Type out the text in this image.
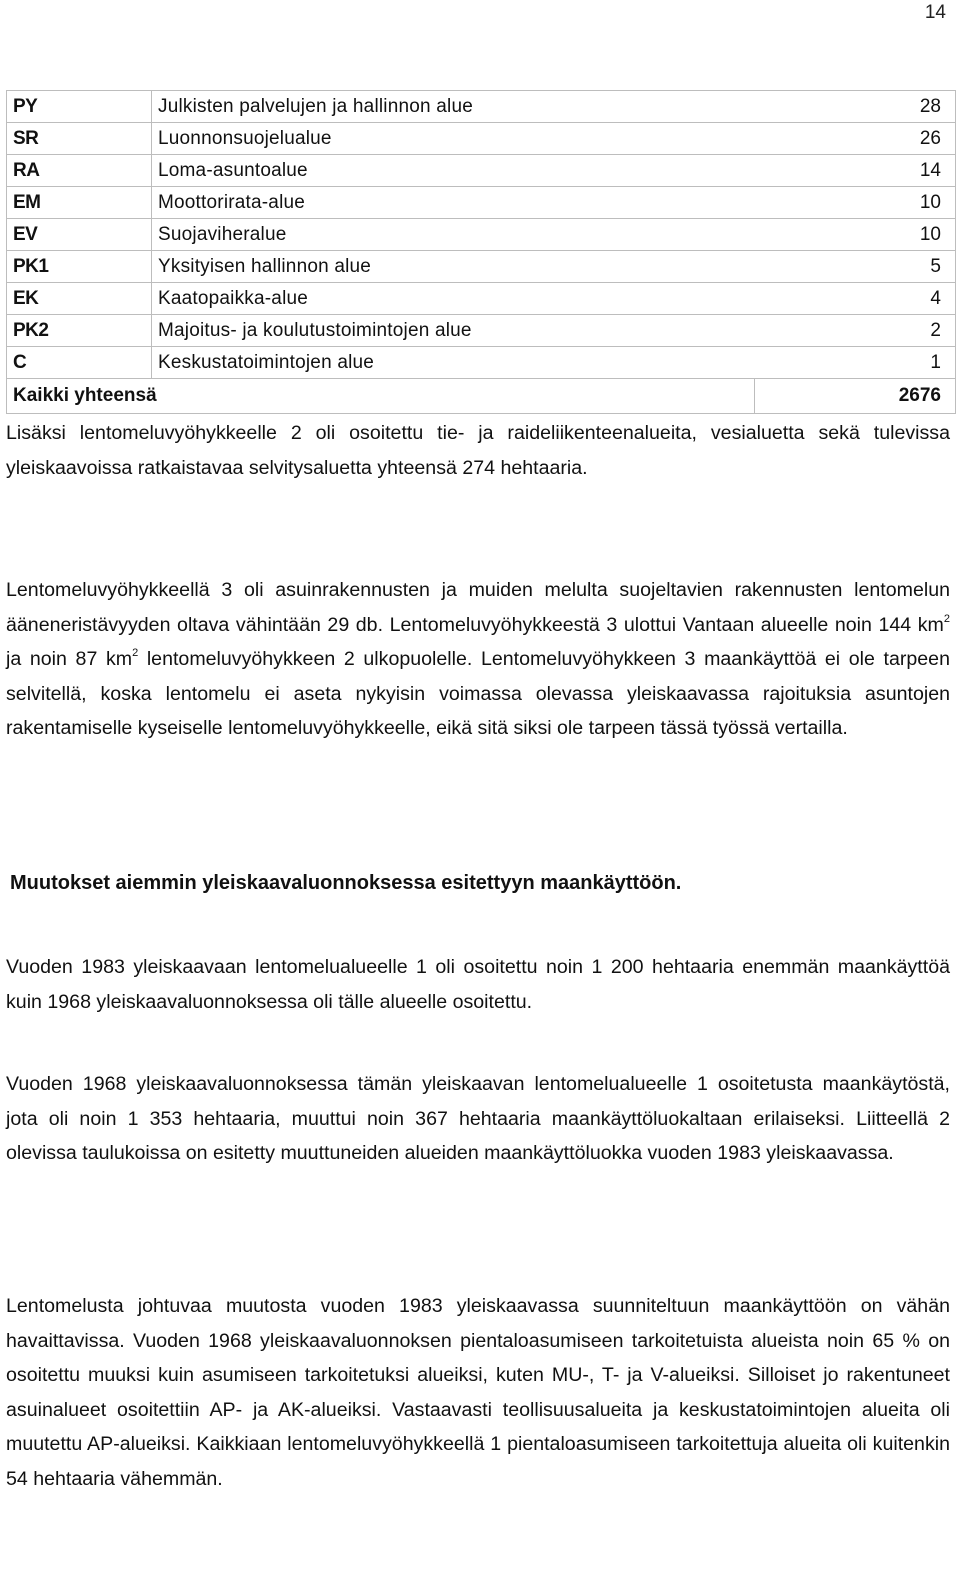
14
PY	Julkisten palvelujen ja hallinnon alue	28
SR	Luonnonsuojelualue	26
RA	Loma-asuntoalue	14
EM	Moottorirata-alue	10
EV	Suojaviheralue	10
PK1	Yksityisen hallinnon alue	5
EK	Kaatopaikka-alue	4
PK2	Majoitus- ja koulutustoimintojen alue	2
C	Keskustatoimintojen alue	1
Kaikki yhteensä		2676

Lisäksi lentomeluvyöhykkeelle 2 oli osoitettu tie- ja raideliikenteenalueita, vesialuetta sekä tulevissa yleiskaavoissa ratkaistavaa selvitysaluetta yhteensä 274 hehtaaria.

Lentomeluvyöhykkeellä 3 oli asuinrakennusten ja muiden melulta suojeltavien rakennusten lentomelun ääneneristävyyden oltava vähintään 29 db. Lentomeluvyöhykkeestä 3 ulottui Vantaan alueelle noin 144 $km^2$ ja noin 87 $km^2$ lentomeluvyöhykkeen 2 ulkopuolelle. Lentomeluvyöhykkeen 3 maankäyttöä ei ole tarpeen selvitellä, koska lentomelu ei aseta nykyisin voimassa olevassa yleiskaavassa rajoituksia asuntojen rakentamiselle kyseiselle lentomeluvyöhykkeelle, eikä sitä siksi ole tarpeen tässä työssä vertailla.

Muutokset aiemmin yleiskaavaluonnoksessa esitettyyn maankäyttöön.

Vuoden 1983 yleiskaavaan lentomelualueelle 1 oli osoitettu noin 1 200 hehtaaria enemmän maankäyttöä kuin 1968 yleiskaavaluonnoksessa oli tälle alueelle osoitettu.

Vuoden 1968 yleiskaavaluonnoksessa tämän yleiskaavan lentomelualueelle 1 osoitetusta maankäytöstä, jota oli noin 1 353 hehtaaria, muuttui noin 367 hehtaaria maankäyttöluokaltaan erilaiseksi. Liitteellä 2 olevissa taulukoissa on esitetty muuttuneiden alueiden maankäyttöluokka vuoden 1983 yleiskaavassa.

Lentomelusta johtuvaa muutosta vuoden 1983 yleiskaavassa suunniteltuun maankäyttöön on vähän havaittavissa. Vuoden 1968 yleiskaavaluonnoksen pientaloasumiseen tarkoitetuista alueista noin 65 % on osoitettu muuksi kuin asumiseen tarkoitetuksi alueiksi, kuten MU-, T- ja V-alueiksi. Silloiset jo rakentuneet asuinalueet osoitettiin AP- ja AK-alueiksi. Vastaavasti teollisuusalueita ja keskustatoimintojen alueita oli muutettu AP-alueiksi. Kaikkiaan lentomeluvyöhykkeellä 1 pientaloasumiseen tarkoitettuja alueita oli kuitenkin 54 hehtaaria vähemmän.
